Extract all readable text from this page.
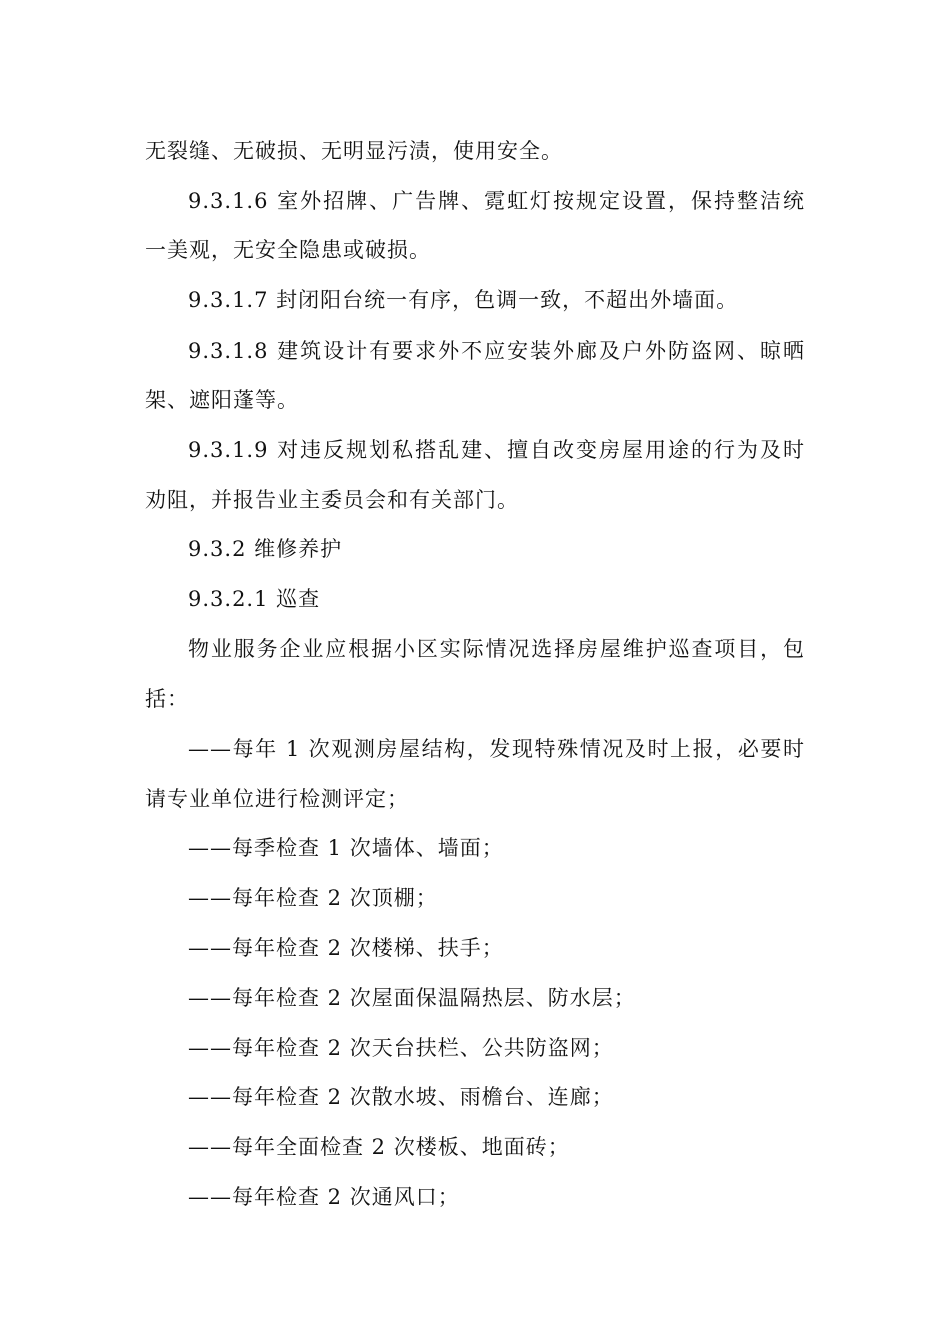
无裂缝、无破损、无明显污渍，使用安全。
9.3.1.6 室外招牌、广告牌、霓虹灯按规定设置，保持整洁统
一美观，无安全隐患或破损。
9.3.1.7 封闭阳台统一有序，色调一致，不超出外墙面。
9.3.1.8 建筑设计有要求外不应安装外廊及户外防盗网、晾晒
架、遮阳蓬等。
9.3.1.9 对违反规划私搭乱建、擅自改变房屋用途的行为及时
劝阻，并报告业主委员会和有关部门。
9.3.2 维修养护
9.3.2.1 巡查
物业服务企业应根据小区实际情况选择房屋维护巡查项目，包
括：
——每年 1 次观测房屋结构，发现特殊情况及时上报，必要时
请专业单位进行检测评定；
——每季检查 1 次墙体、墙面；
——每年检查 2 次顶棚；
——每年检查 2 次楼梯、扶手；
——每年检查 2 次屋面保温隔热层、防水层；
——每年检查 2 次天台扶栏、公共防盗网；
——每年检查 2 次散水坡、雨檐台、连廊；
——每年全面检查 2 次楼板、地面砖；
——每年检查 2 次通风口；
